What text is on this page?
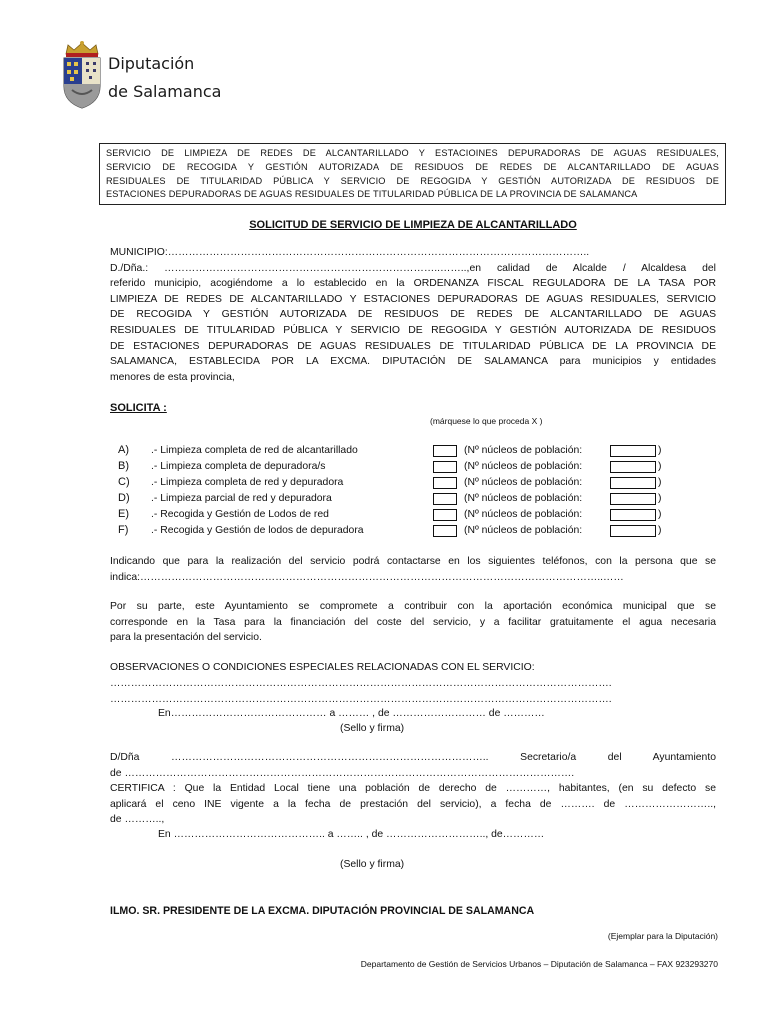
Diputación
de Salamanca
SERVICIO DE LIMPIEZA DE REDES DE ALCANTARILLADO Y ESTACIOINES DEPURADORAS DE AGUAS RESIDUALES,
SERVICIO DE RECOGIDA Y GESTIÓN AUTORIZADA DE RESIDUOS DE REDES DE ALCANTARILLADO DE AGUAS
RESIDUALES DE TITULARIDAD PÚBLICA Y SERVICIO DE REGOGIDA Y GESTIÓN AUTORIZADA DE RESIDUOS DE
ESTACIONES DEPURADORAS DE AGUAS RESIDUALES DE TITULARIDAD PÚBLICA DE LA PROVINCIA DE SALAMANCA
SOLICITUD DE SERVICIO DE LIMPIEZA DE ALCANTARILLADO
MUNICIPIO:…………………………………………………………………………………………………………..
D./Dña.: ……………………………………………………………………..……..,en calidad de Alcalde / Alcaldesa del
referido municipio, acogiéndome a lo establecido en la ORDENANZA FISCAL REGULADORA DE LA TASA POR
LIMPIEZA DE REDES DE ALCANTARILLADO Y ESTACIONES DEPURADORAS DE AGUAS RESIDUALES, SERVICIO
DE RECOGIDA Y GESTIÓN AUTORIZADA DE RESIDUOS DE REDES DE ALCANTARILLADO DE AGUAS
RESIDUALES DE TITULARIDAD PÚBLICA Y SERVICIO DE REGOGIDA Y GESTIÓN AUTORIZADA DE RESIDUOS
DE ESTACIONES DEPURADORAS DE AGUAS RESIDUALES DE TITULARIDAD PÚBLICA DE LA PROVINCIA DE
SALAMANCA, ESTABLECIDA POR LA EXCMA. DIPUTACIÓN DE SALAMANCA para municipios y entidades
menores de esta provincia,
SOLICITA :
(márquese lo que proceda X )
A) .- Limpieza completa de red de alcantarillado	(Nº núcleos de población:	)
B) .- Limpieza completa de depuradora/s	(Nº núcleos de población:	)
C) .- Limpieza completa de red y depuradora	(Nº núcleos de población:	)
D) .- Limpieza parcial de red y depuradora	(Nº núcleos de población:	)
E) .- Recogida y Gestión de Lodos de red	(Nº núcleos de población:	)
F) .- Recogida y Gestión de lodos de depuradora	(Nº núcleos de población:	)
Indicando que para la realización del servicio podrá contactarse en los siguientes teléfonos, con la persona que se
indica:……………………………………………………………………………………………………………………..……
Por su parte, este Ayuntamiento se compromete a contribuir con la aportación económica municipal que se
corresponde en la Tasa para la financiación del coste del servicio, y a facilitar gratuitamente el agua necesaria
para la presentación del servicio.
OBSERVACIONES O CONDICIONES ESPECIALES RELACIONADAS CON EL SERVICIO:
……………………………………………………………………………………………………………………………….
……………………………………………………………………………………………………………………………….
En……………………………………… a ……… , de ……………………… de …………
(Sello y firma)
D/Dña ……………………………………………………………………………….. Secretario/a del Ayuntamiento
de ………………………………………………………………………………………………………………….
CERTIFICA : Que la Entidad Local tiene una población de derecho de …………, habitantes, (en su defecto se
aplicará el ceno INE vigente a la fecha de prestación del servicio), a fecha de ………. de ……………………..,
de ………..,
En …………………………………….. a …….. , de ……………………….., de…………
(Sello y firma)
ILMO. SR. PRESIDENTE DE LA EXCMA. DIPUTACIÓN PROVINCIAL DE SALAMANCA
(Ejemplar para la Diputación)
Departamento de Gestión de Servicios Urbanos – Diputación de Salamanca – FAX 923293270
